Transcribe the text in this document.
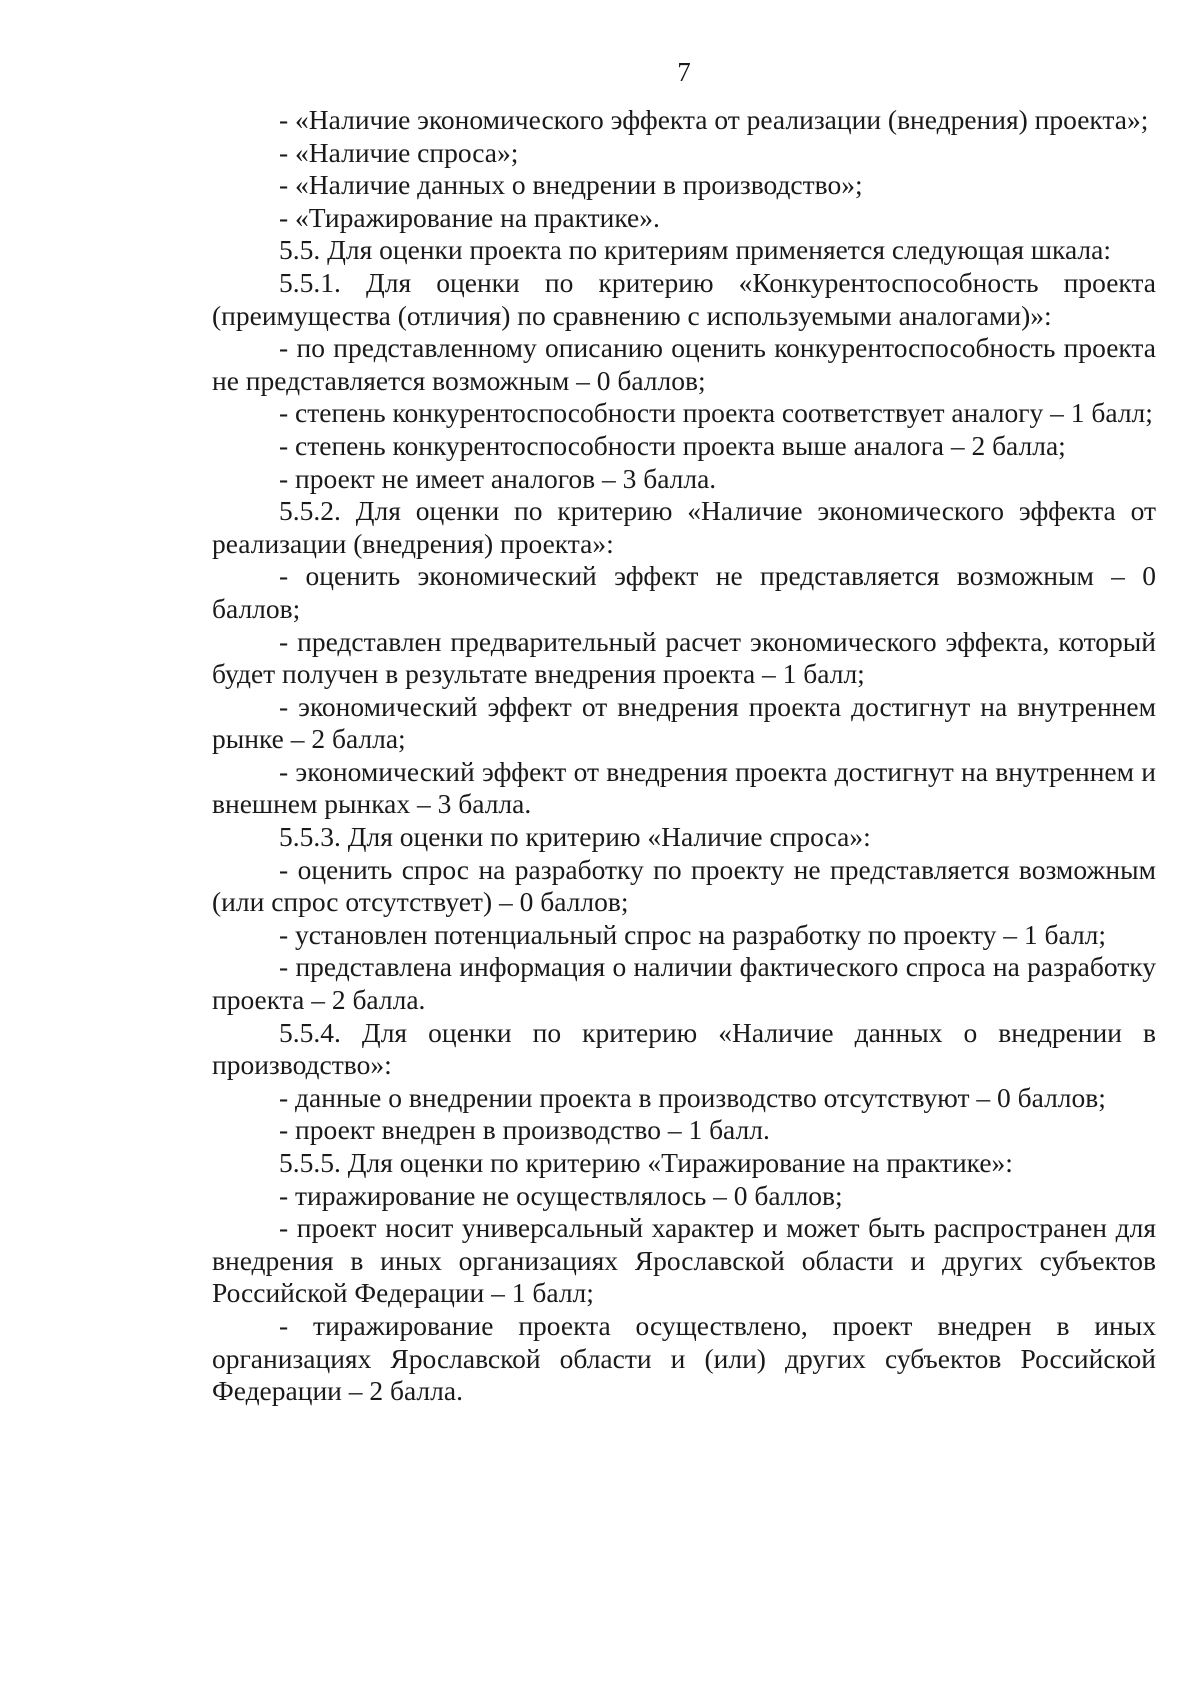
7

- «Наличие экономического эффекта от реализации (внедрения) проекта»;

- «Наличие спроса»;

- «Наличие данных о внедрении в производство»;

- «Тиражирование на практике».

5.5. Для оценки проекта по критериям применяется следующая шкала:

5.5.1. Для оценки по критерию «Конкурентоспособность проекта (преимущества (отличия) по сравнению с используемыми аналогами)»:

- по представленному описанию оценить конкурентоспособность проекта не представляется возможным – 0 баллов;

- степень конкурентоспособности проекта соответствует аналогу – 1 балл;

- степень конкурентоспособности проекта выше аналога – 2 балла;

- проект не имеет аналогов – 3 балла.

5.5.2. Для оценки по критерию «Наличие экономического эффекта от реализации (внедрения) проекта»:

- оценить экономический эффект не представляется возможным – 0 баллов;

- представлен предварительный расчет экономического эффекта, который будет получен в результате внедрения проекта – 1 балл;

- экономический эффект от внедрения проекта достигнут на внутреннем рынке – 2 балла;

- экономический эффект от внедрения проекта достигнут на внутреннем и внешнем рынках – 3 балла.

5.5.3. Для оценки по критерию «Наличие спроса»:

- оценить спрос на разработку по проекту не представляется возможным (или спрос отсутствует) – 0 баллов;

- установлен потенциальный спрос на разработку по проекту – 1 балл;

- представлена информация о наличии фактического спроса на разработку проекта – 2 балла.

5.5.4. Для оценки по критерию «Наличие данных о внедрении в производство»:

- данные о внедрении проекта в производство отсутствуют – 0 баллов;

- проект внедрен в производство – 1 балл.

5.5.5. Для оценки по критерию «Тиражирование на практике»:

- тиражирование не осуществлялось – 0 баллов;

- проект носит универсальный характер и может быть распространен для внедрения в иных организациях Ярославской области и других субъектов Российской Федерации – 1 балл;

- тиражирование проекта осуществлено, проект внедрен в иных организациях Ярославской области и (или) других субъектов Российской Федерации – 2 балла.
